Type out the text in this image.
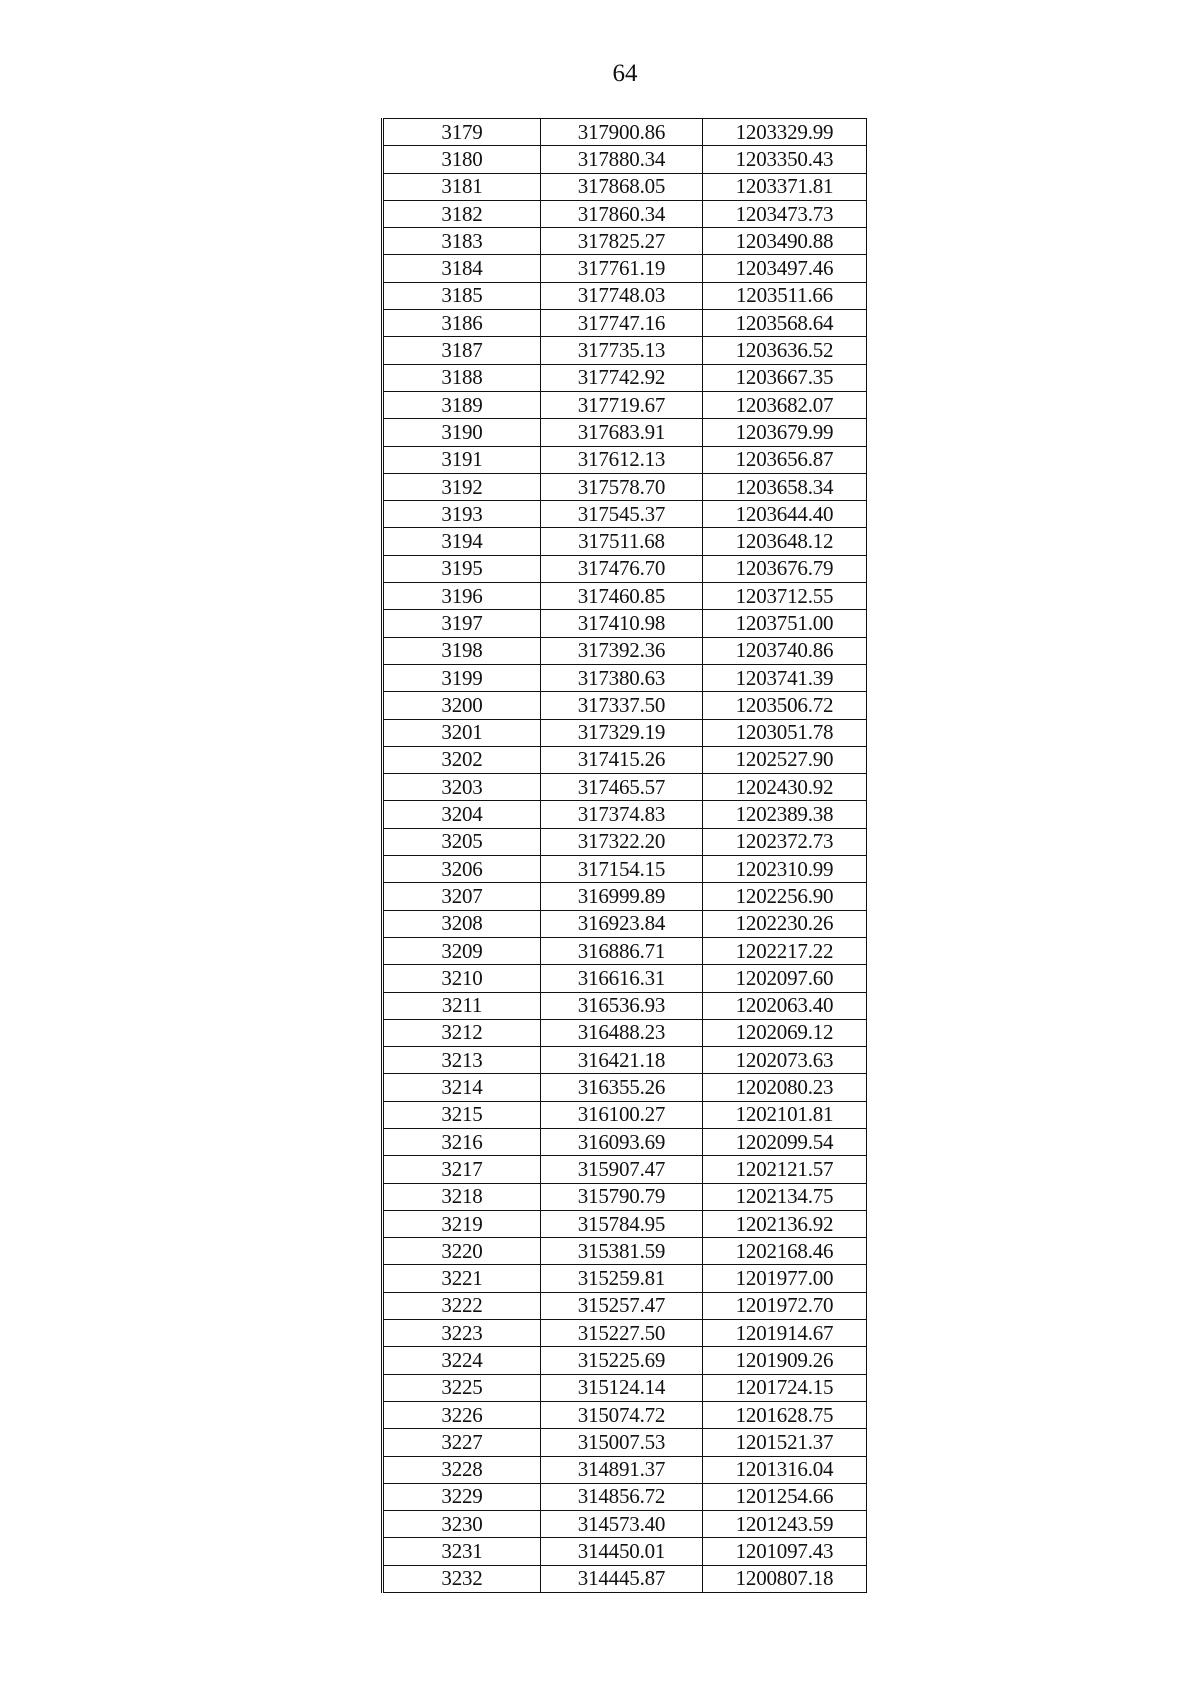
64
3179	317900.86	1203329.99
3180	317880.34	1203350.43
3181	317868.05	1203371.81
3182	317860.34	1203473.73
3183	317825.27	1203490.88
3184	317761.19	1203497.46
3185	317748.03	1203511.66
3186	317747.16	1203568.64
3187	317735.13	1203636.52
3188	317742.92	1203667.35
3189	317719.67	1203682.07
3190	317683.91	1203679.99
3191	317612.13	1203656.87
3192	317578.70	1203658.34
3193	317545.37	1203644.40
3194	317511.68	1203648.12
3195	317476.70	1203676.79
3196	317460.85	1203712.55
3197	317410.98	1203751.00
3198	317392.36	1203740.86
3199	317380.63	1203741.39
3200	317337.50	1203506.72
3201	317329.19	1203051.78
3202	317415.26	1202527.90
3203	317465.57	1202430.92
3204	317374.83	1202389.38
3205	317322.20	1202372.73
3206	317154.15	1202310.99
3207	316999.89	1202256.90
3208	316923.84	1202230.26
3209	316886.71	1202217.22
3210	316616.31	1202097.60
3211	316536.93	1202063.40
3212	316488.23	1202069.12
3213	316421.18	1202073.63
3214	316355.26	1202080.23
3215	316100.27	1202101.81
3216	316093.69	1202099.54
3217	315907.47	1202121.57
3218	315790.79	1202134.75
3219	315784.95	1202136.92
3220	315381.59	1202168.46
3221	315259.81	1201977.00
3222	315257.47	1201972.70
3223	315227.50	1201914.67
3224	315225.69	1201909.26
3225	315124.14	1201724.15
3226	315074.72	1201628.75
3227	315007.53	1201521.37
3228	314891.37	1201316.04
3229	314856.72	1201254.66
3230	314573.40	1201243.59
3231	314450.01	1201097.43
3232	314445.87	1200807.18
